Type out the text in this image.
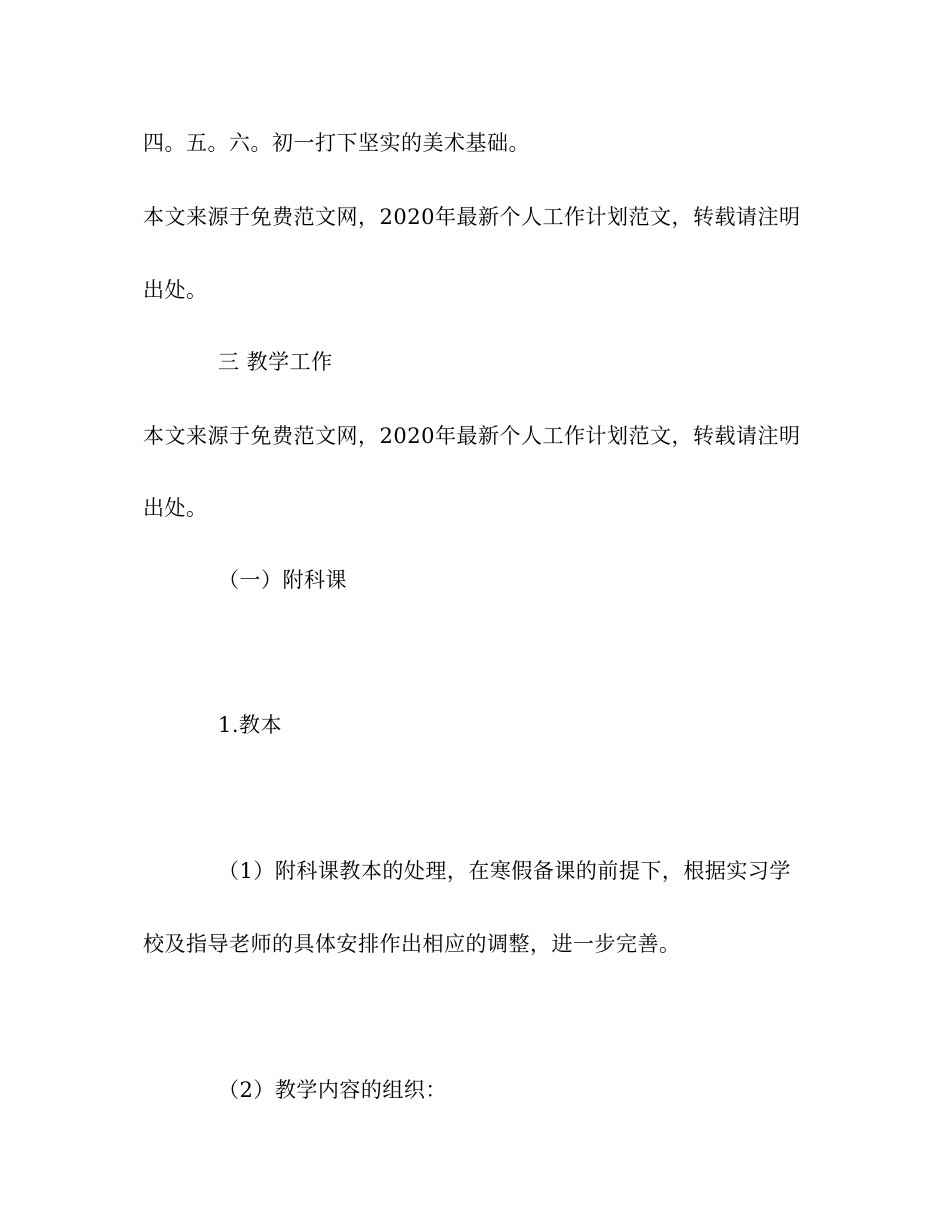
四。五。六。初一打下坚实的美术基础。
本文来源于免费范文网，2020年最新个人工作计划范文，转载请注明
出处。
三 教学工作
本文来源于免费范文网，2020年最新个人工作计划范文，转载请注明
出处。
（一）附科课
1.教本
（1）附科课教本的处理，在寒假备课的前提下，根据实习学
校及指导老师的具体安排作出相应的调整，进一步完善。
（2）教学内容的组织：
